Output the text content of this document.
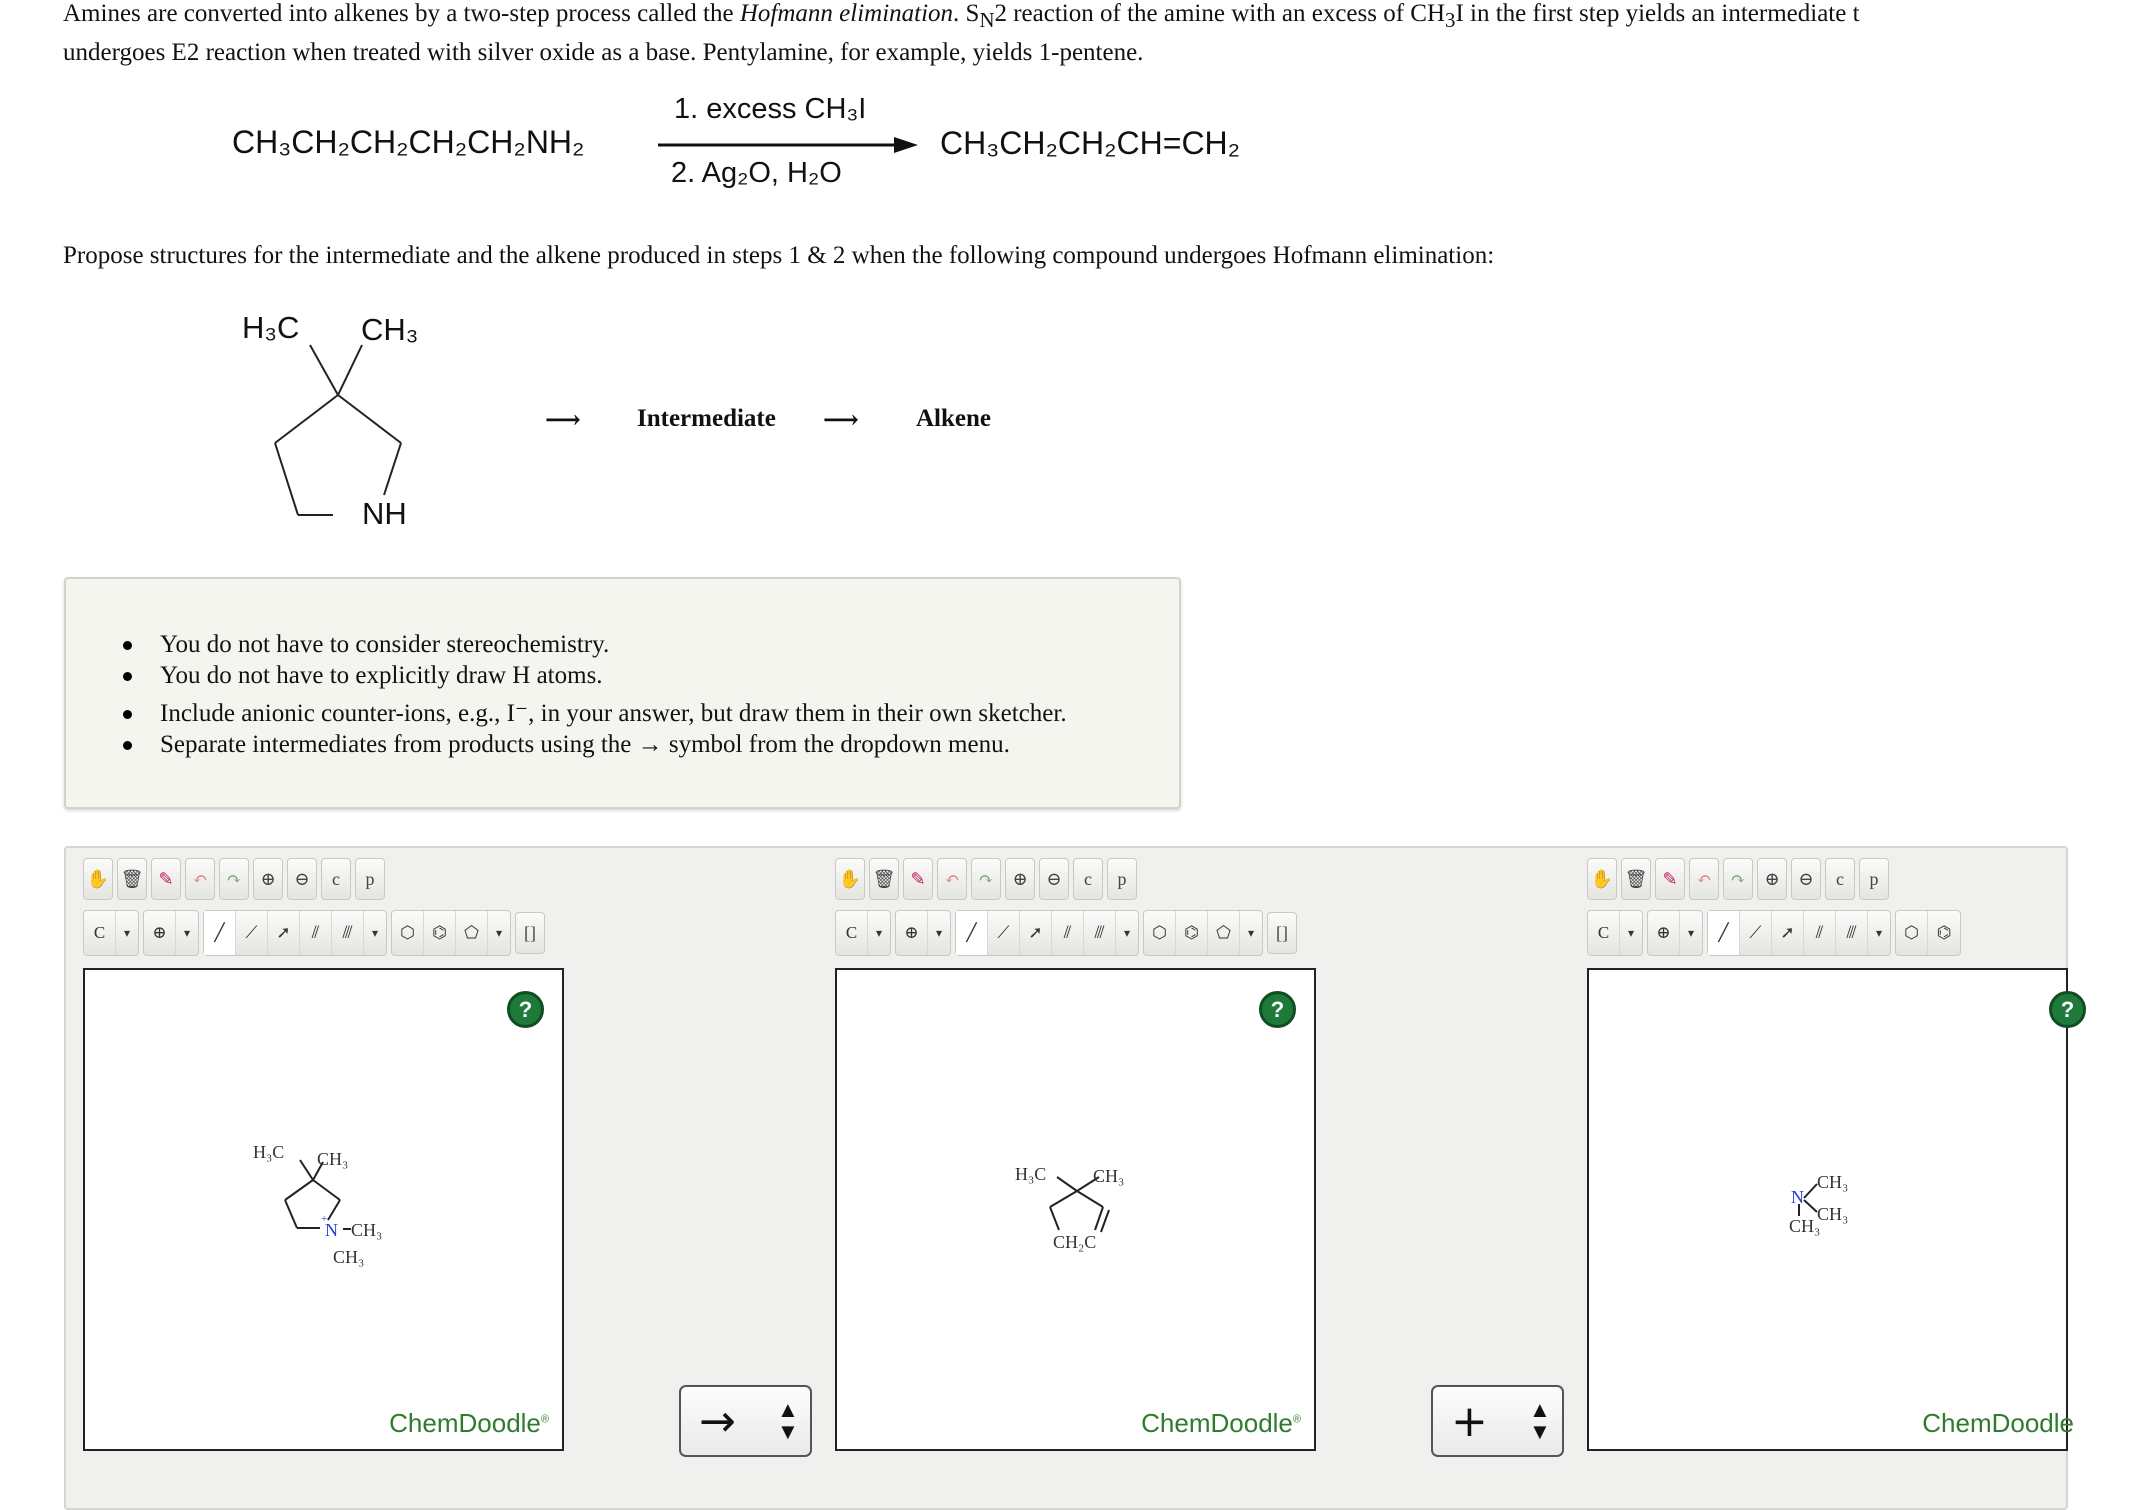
Amines are converted into alkenes by a two-step process called the Hofmann elimination. $S_N2$ reaction of the amine with an excess of $CH_3I$ in the first step yields an intermediate t
undergoes E2 reaction when treated with silver oxide as a base. Pentylamine, for example, yields 1-pentene.
CH₃CH₂CH₂CH₂CH₂NH₂
1. excess CH₃I
2. Ag₂O, H₂O
CH₃CH₂CH₂CH=CH₂
Propose structures for the intermediate and the alkene produced in steps 1 & 2 when the following compound undergoes Hofmann elimination:
H₃C CH₃
NH
⟶ Intermediate ⟶ Alkene
You do not have to consider stereochemistry.
You do not have to explicitly draw H atoms.
Include anionic counter-ions, e.g., I⁻, in your answer, but draw them in their own sketcher.
Separate intermediates from products using the → symbol from the dropdown menu.
✋ 🗑 ✎	↶	↷	⊕	⊖	c	p
C	▾	⊕	▾	╱	⟋	➚	⫽	⫻	▾	⬡	⌬	⬠	▾	[]
?
H₃C CH₃
N CH₃
CH₃
+
ChemDoodle®	→	▲
▼
✋ 🗑 ✎	↶	↷	⊕	⊖	c	p
C	▾	⊕	▾	╱	⟋	➚	⫽	⫻	▾	⬡	⌬	⬠	▾	[]
?
H₃C	CH₃
CH₂C
ChemDoodle®	+	▲
▼
✋ 🗑 ✎	↶	↷	⊕	⊖	c	p
C	▾	⊕	▾	╱	⟋	➚	⫽	⫻	▾	⬡	⌬
?
N
CH₃
CH₃
CH₃
ChemDoodle
